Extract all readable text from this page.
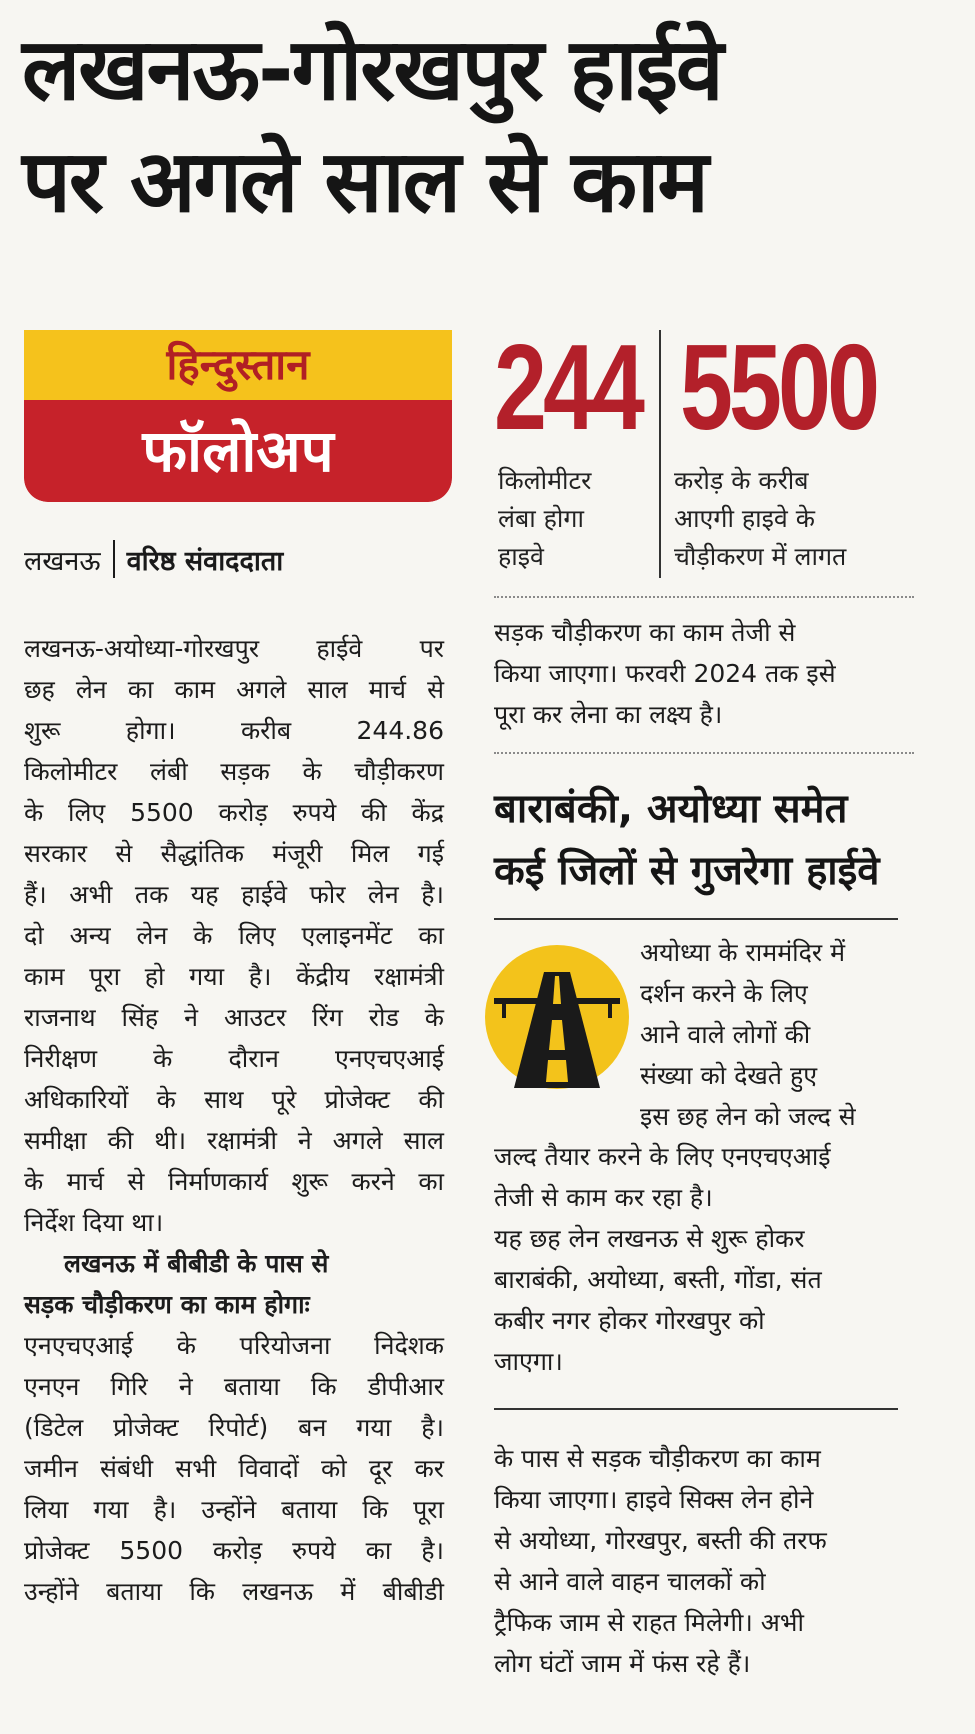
लखनऊ-गोरखपुर हाईवे
पर अगले साल से काम
हिन्दुस्तान
फॉलोअप
लखनऊ वरिष्ठ संवाददाता
244 5500
किलोमीटर
लंबा होगा
हाइवे
करोड़ के करीब
आएगी हाइवे के
चौड़ीकरण में लागत
लखनऊ-अयोध्या-गोरखपुर हाईवे पर
छह लेन का काम अगले साल मार्च से
शुरू होगा। करीब 244.86
किलोमीटर लंबी सड़क के चौड़ीकरण
के लिए 5500 करोड़ रुपये की केंद्र
सरकार से सैद्धांतिक मंजूरी मिल गई
हैं। अभी तक यह हाईवे फोर लेन है।
दो अन्य लेन के लिए एलाइनमेंट का
काम पूरा हो गया है। केंद्रीय रक्षामंत्री
राजनाथ सिंह ने आउटर रिंग रोड के
निरीक्षण के दौरान एनएचएआई
अधिकारियों के साथ पूरे प्रोजेक्ट की
समीक्षा की थी। रक्षामंत्री ने अगले साल
के मार्च से निर्माणकार्य शुरू करने का
निर्देश दिया था।
लखनऊ में बीबीडी के पास से
सड़क चौड़ीकरण का काम होगाः
एनएचएआई के परियोजना निदेशक
एनएन गिरि ने बताया कि डीपीआर
(डिटेल प्रोजेक्ट रिपोर्ट) बन गया है।
जमीन संबंधी सभी विवादों को दूर कर
लिया गया है। उन्होंने बताया कि पूरा
प्रोजेक्ट 5500 करोड़ रुपये का है।
उन्होंने बताया कि लखनऊ में बीबीडी
सड़क चौड़ीकरण का काम तेजी से
किया जाएगा। फरवरी 2024 तक इसे
पूरा कर लेना का लक्ष्य है।
बाराबंकी, अयोध्या समेत
कई जिलों से गुजरेगा हाईवे
अयोध्या के राममंदिर में
दर्शन करने के लिए
आने वाले लोगों की
संख्या को देखते हुए
इस छह लेन को जल्द से
जल्द तैयार करने के लिए एनएचएआई
तेजी से काम कर रहा है।
यह छह लेन लखनऊ से शुरू होकर
बाराबंकी, अयोध्या, बस्ती, गोंडा, संत
कबीर नगर होकर गोरखपुर को
जाएगा।
के पास से सड़क चौड़ीकरण का काम
किया जाएगा। हाइवे सिक्स लेन होने
से अयोध्या, गोरखपुर, बस्ती की तरफ
से आने वाले वाहन चालकों को
ट्रैफिक जाम से राहत मिलेगी। अभी
लोग घंटों जाम में फंस रहे हैं।
